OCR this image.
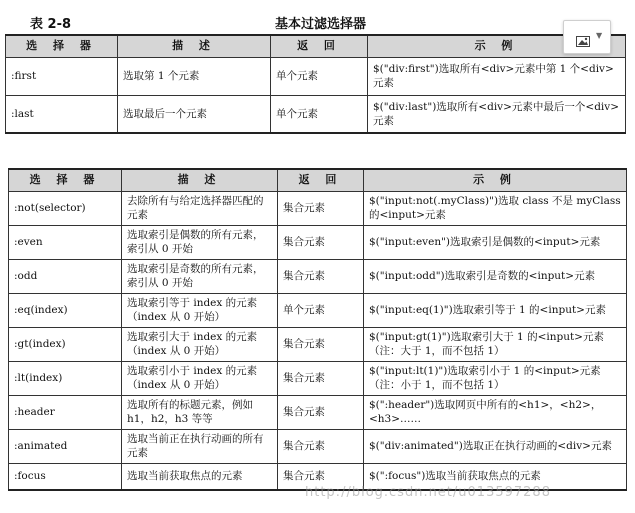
表 2-8	基本过滤选择器
选 择 器	描 述	返 回	示 例
:first	选取第 1 个元素	单个元素	$("div:first")选取所有<div>元素中第 1 个<div>元素
:last	选取最后一个元素	单个元素	$("div:last")选取所有<div>元素中最后一个<div>元素
▼
选 择 器	描 述	返 回	示 例
:not(selector)	去除所有与给定选择器匹配的元素	集合元素	$("input:not(.myClass)")选取 class 不是 myClass 的<input>元素
:even	选取索引是偶数的所有元素，索引从 0 开始	集合元素	$("input:even")选取索引是偶数的<input>元素
:odd	选取索引是奇数的所有元素，索引从 0 开始	集合元素	$("input:odd")选取索引是奇数的<input>元素
:eq(index)	选取索引等于 index 的元素（index 从 0 开始）	单个元素	$("input:eq(1)")选取索引等于 1 的<input>元素
:gt(index)	选取索引大于 index 的元素（index 从 0 开始）	集合元素	$("input:gt(1)")选取索引大于 1 的<input>元素（注：大于 1，而不包括 1）
:lt(index)	选取索引小于 index 的元素（index 从 0 开始）	集合元素	$("input:lt(1)")选取索引小于 1 的<input>元素（注：小于 1，而不包括 1）
:header	选取所有的标题元素，例如 h1，h2，h3 等等	集合元素	$(":header")选取网页中所有的<h1>，<h2>，<h3>……
:animated	选取当前正在执行动画的所有元素	集合元素	$("div:animated")选取正在执行动画的<div>元素
:focus	选取当前获取焦点的元素	集合元素	$(":focus")选取当前获取焦点的元素
http://blog.csdn.net/u013597288
